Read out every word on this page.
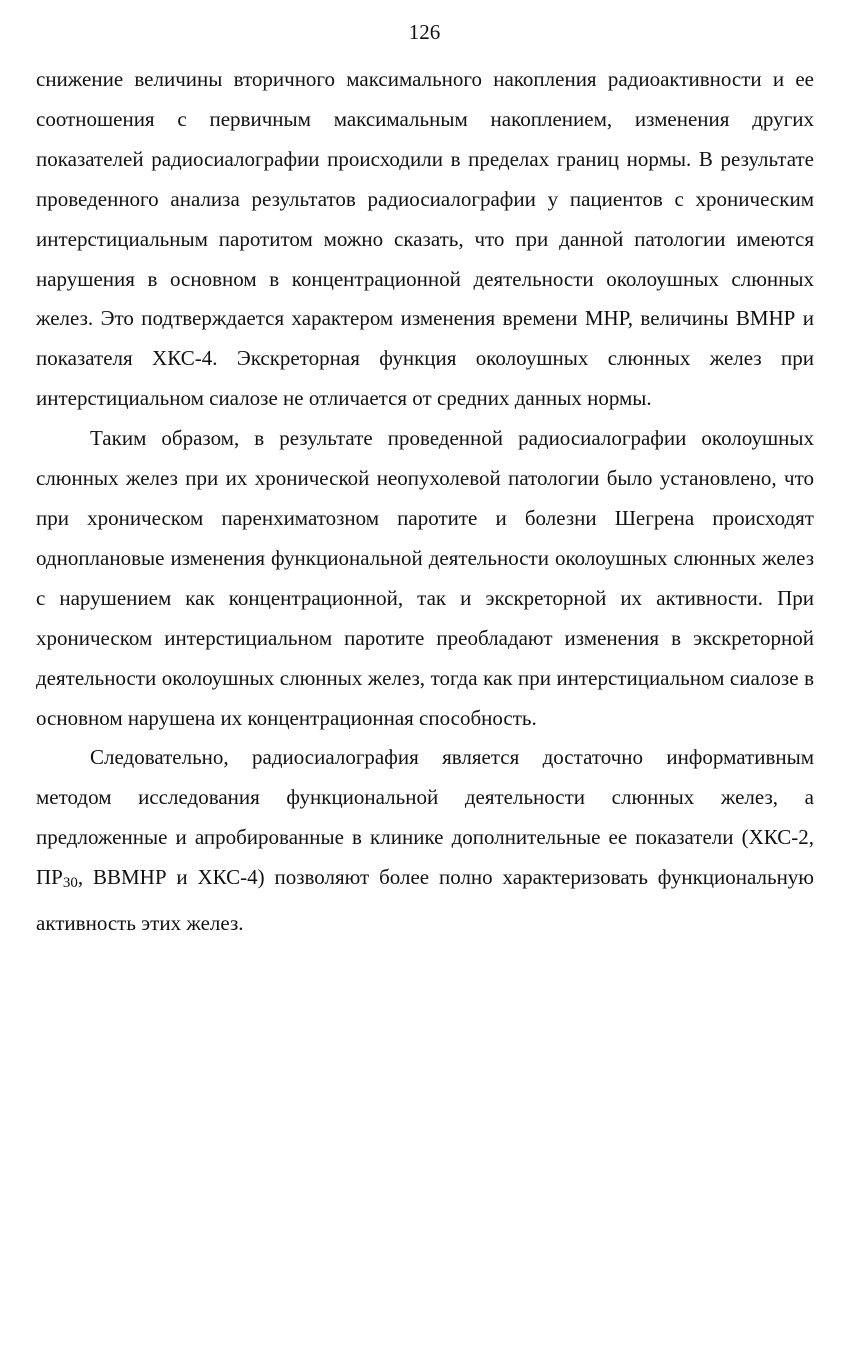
126

снижение величины вторичного максимального накопления радиоактивности и ее соотношения с первичным максимальным накоплением, изменения других показателей радиосиалографии происходили в пределах границ нормы. В результате проведенного анализа результатов радиосиалографии у пациентов с хроническим интерстициальным паротитом можно сказать, что при данной патологии имеются нарушения в основном в концентрационной деятельности околоушных слюнных желез. Это подтверждается характером изменения времени МНР, величины ВМНР и показателя ХКС-4. Экскреторная функция околоушных слюнных желез при интерстициальном сиалозе не отличается от средних данных нормы.

Таким образом, в результате проведенной радиосиалографии околоушных слюнных желез при их хронической неопухолевой патологии было установлено, что при хроническом паренхиматозном паротите и болезни Шегрена происходят одноплановые изменения функциональной деятельности околоушных слюнных желез с нарушением как концентрационной, так и экскреторной их активности. При хроническом интерстициальном паротите преобладают изменения в экскреторной деятельности околоушных слюнных желез, тогда как при интерстициальном сиалозе в основном нарушена их концентрационная способность.

Следовательно, радиосиалография является достаточно информативным методом исследования функциональной деятельности слюнных желез, а предложенные и апробированные в клинике дополнительные ее показатели (ХКС-2, ПР30, ВВМНР и ХКС-4) позволяют более полно характеризовать функциональную активность этих желез.
